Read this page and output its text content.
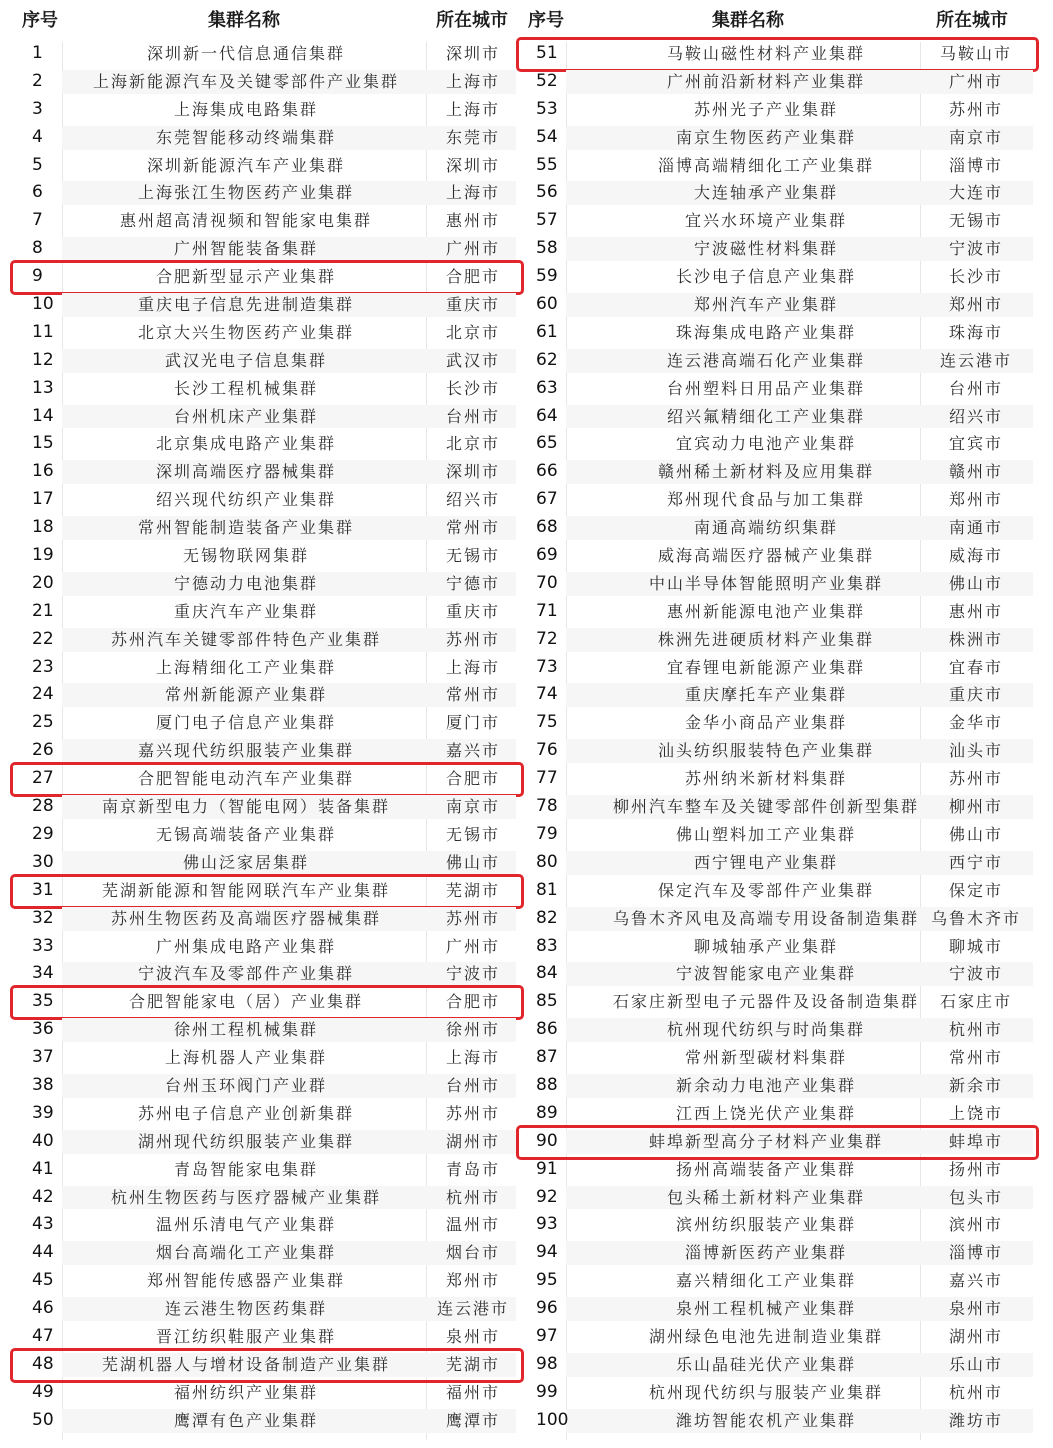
序号	集群名称	所在城市
1	深圳新一代信息通信集群	深圳市
2	上海新能源汽车及关键零部件产业集群	上海市
3	上海集成电路集群	上海市
4	东莞智能移动终端集群	东莞市
5	深圳新能源汽车产业集群	深圳市
6	上海张江生物医药产业集群	上海市
7	惠州超高清视频和智能家电集群	惠州市
8	广州智能装备集群	广州市
9	合肥新型显示产业集群	合肥市
10	重庆电子信息先进制造集群	重庆市
11	北京大兴生物医药产业集群	北京市
12	武汉光电子信息集群	武汉市
13	长沙工程机械集群	长沙市
14	台州机床产业集群	台州市
15	北京集成电路产业集群	北京市
16	深圳高端医疗器械集群	深圳市
17	绍兴现代纺织产业集群	绍兴市
18	常州智能制造装备产业集群	常州市
19	无锡物联网集群	无锡市
20	宁德动力电池集群	宁德市
21	重庆汽车产业集群	重庆市
22	苏州汽车关键零部件特色产业集群	苏州市
23	上海精细化工产业集群	上海市
24	常州新能源产业集群	常州市
25	厦门电子信息产业集群	厦门市
26	嘉兴现代纺织服装产业集群	嘉兴市
27	合肥智能电动汽车产业集群	合肥市
28	南京新型电力（智能电网）装备集群	南京市
29	无锡高端装备产业集群	无锡市
30	佛山泛家居集群	佛山市
31	芜湖新能源和智能网联汽车产业集群	芜湖市
32	苏州生物医药及高端医疗器械集群	苏州市
33	广州集成电路产业集群	广州市
34	宁波汽车及零部件产业集群	宁波市
35	合肥智能家电（居）产业集群	合肥市
36	徐州工程机械集群	徐州市
37	上海机器人产业集群	上海市
38	台州玉环阀门产业群	台州市
39	苏州电子信息产业创新集群	苏州市
40	湖州现代纺织服装产业集群	湖州市
41	青岛智能家电集群	青岛市
42	杭州生物医药与医疗器械产业集群	杭州市
43	温州乐清电气产业集群	温州市
44	烟台高端化工产业集群	烟台市
45	郑州智能传感器产业集群	郑州市
46	连云港生物医药集群	连云港市
47	晋江纺织鞋服产业集群	泉州市
48	芜湖机器人与增材设备制造产业集群	芜湖市
49	福州纺织产业集群	福州市
50	鹰潭有色产业集群	鹰潭市
序号	集群名称	所在城市
51	马鞍山磁性材料产业集群	马鞍山市
52	广州前沿新材料产业集群	广州市
53	苏州光子产业集群	苏州市
54	南京生物医药产业集群	南京市
55	淄博高端精细化工产业集群	淄博市
56	大连轴承产业集群	大连市
57	宜兴水环境产业集群	无锡市
58	宁波磁性材料集群	宁波市
59	长沙电子信息产业集群	长沙市
60	郑州汽车产业集群	郑州市
61	珠海集成电路产业集群	珠海市
62	连云港高端石化产业集群	连云港市
63	台州塑料日用品产业集群	台州市
64	绍兴氟精细化工产业集群	绍兴市
65	宜宾动力电池产业集群	宜宾市
66	赣州稀土新材料及应用集群	赣州市
67	郑州现代食品与加工集群	郑州市
68	南通高端纺织集群	南通市
69	威海高端医疗器械产业集群	威海市
70	中山半导体智能照明产业集群	佛山市
71	惠州新能源电池产业集群	惠州市
72	株洲先进硬质材料产业集群	株洲市
73	宜春锂电新能源产业集群	宜春市
74	重庆摩托车产业集群	重庆市
75	金华小商品产业集群	金华市
76	汕头纺织服装特色产业集群	汕头市
77	苏州纳米新材料集群	苏州市
78	柳州汽车整车及关键零部件创新型集群	柳州市
79	佛山塑料加工产业集群	佛山市
80	西宁锂电产业集群	西宁市
81	保定汽车及零部件产业集群	保定市
82	乌鲁木齐风电及高端专用设备制造集群 乌鲁木齐市
83	聊城轴承产业集群	聊城市
84	宁波智能家电产业集群	宁波市
85	石家庄新型电子元器件及设备制造集群	石家庄市
86	杭州现代纺织与时尚集群	杭州市
87	常州新型碳材料集群	常州市
88	新余动力电池产业集群	新余市
89	江西上饶光伏产业集群	上饶市
90	蚌埠新型高分子材料产业集群	蚌埠市
91	扬州高端装备产业集群	扬州市
92	包头稀土新材料产业集群	包头市
93	滨州纺织服装产业集群	滨州市
94	淄博新医药产业集群	淄博市
95	嘉兴精细化工产业集群	嘉兴市
96	泉州工程机械产业集群	泉州市
97	湖州绿色电池先进制造业集群	湖州市
98	乐山晶硅光伏产业集群	乐山市
99	杭州现代纺织与服装产业集群	杭州市
100	潍坊智能农机产业集群	潍坊市
